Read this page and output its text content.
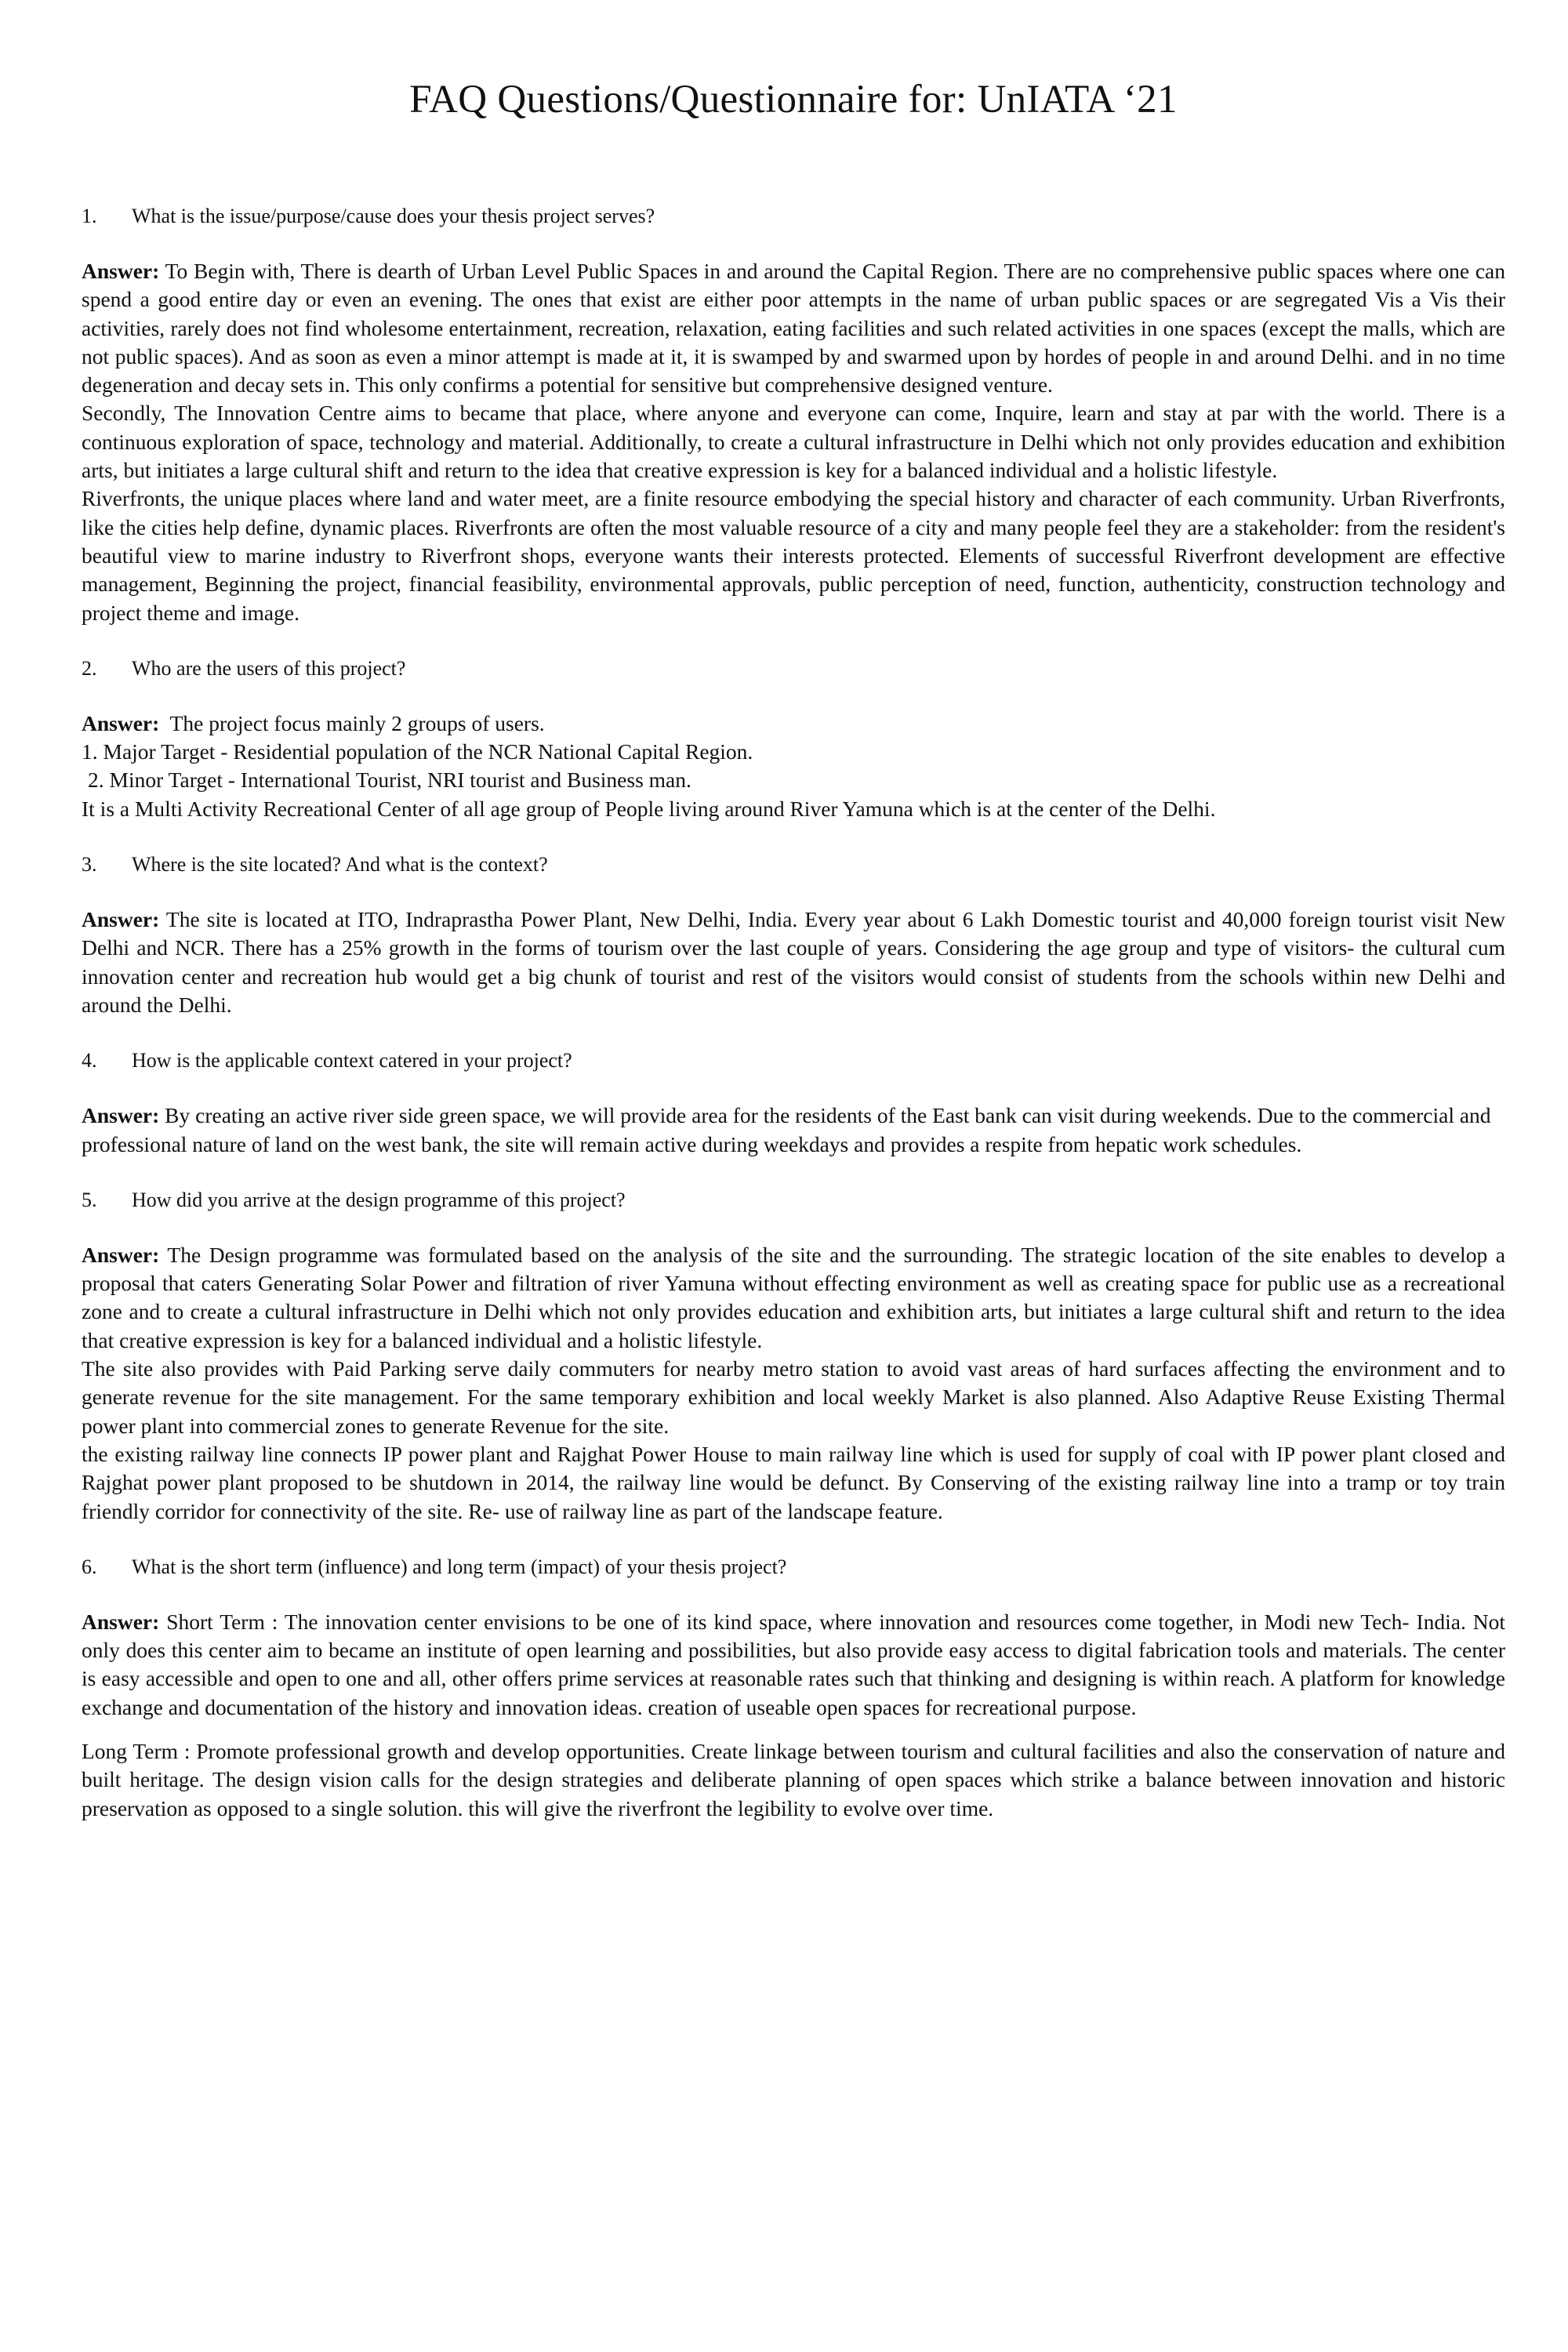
FAQ Questions/Questionnaire for: UnIATA ‘21

1.	What is the issue/purpose/cause does your thesis project serves?

Answer: To Begin with, There is dearth of Urban Level Public Spaces in and around the Capital Region. There are no comprehensive public spaces where one can spend a good entire day or even an evening. The ones that exist are either poor attempts in the name of urban public spaces or are segregated Vis a Vis their activities, rarely does not find wholesome entertainment, recreation, relaxation, eating facilities and such related activities in one spaces (except the malls, which are not public spaces). And as soon as even a minor attempt is made at it, it is swamped by and swarmed upon by hordes of people in and around Delhi. and in no time degeneration and decay sets in. This only confirms a potential for sensitive but comprehensive designed venture.

Secondly, The Innovation Centre aims to became that place, where anyone and everyone can come, Inquire, learn and stay at par with the world. There is a continuous exploration of space, technology and material. Additionally, to create a cultural infrastructure in Delhi which not only provides education and exhibition arts, but initiates a large cultural shift and return to the idea that creative expression is key for a balanced individual and a holistic lifestyle.

Riverfronts, the unique places where land and water meet, are a finite resource embodying the special history and character of each community. Urban Riverfronts, like the cities help define, dynamic places. Riverfronts are often the most valuable resource of a city and many people feel they are a stakeholder: from the resident's beautiful view to marine industry to Riverfront shops, everyone wants their interests protected. Elements of successful Riverfront development are effective management, Beginning the project, financial feasibility, environmental approvals, public perception of need, function, authenticity, construction technology and project theme and image.

2.	Who are the users of this project?

Answer: The project focus mainly 2 groups of users.

1. Major Target - Residential population of the NCR National Capital Region.

2. Minor Target - International Tourist, NRI tourist and Business man.

It is a Multi Activity Recreational Center of all age group of People living around River Yamuna which is at the center of the Delhi.

3.	Where is the site located? And what is the context?

Answer: The site is located at ITO, Indraprastha Power Plant, New Delhi, India. Every year about 6 Lakh Domestic tourist and 40,000 foreign tourist visit New Delhi and NCR. There has a 25% growth in the forms of tourism over the last couple of years. Considering the age group and type of visitors- the cultural cum innovation center and recreation hub would get a big chunk of tourist and rest of the visitors would consist of students from the schools within new Delhi and around the Delhi.

4.	How is the applicable context catered in your project?

Answer: By creating an active river side green space, we will provide area for the residents of the East bank can visit during weekends. Due to the commercial and professional nature of land on the west bank, the site will remain active during weekdays and provides a respite from hepatic work schedules.

5.	How did you arrive at the design programme of this project?

Answer: The Design programme was formulated based on the analysis of the site and the surrounding. The strategic location of the site enables to develop a proposal that caters Generating Solar Power and filtration of river Yamuna without effecting environment as well as creating space for public use as a recreational zone and to create a cultural infrastructure in Delhi which not only provides education and exhibition arts, but initiates a large cultural shift and return to the idea that creative expression is key for a balanced individual and a holistic lifestyle.

The site also provides with Paid Parking serve daily commuters for nearby metro station to avoid vast areas of hard surfaces affecting the environment and to generate revenue for the site management. For the same temporary exhibition and local weekly Market is also planned. Also Adaptive Reuse Existing Thermal power plant into commercial zones to generate Revenue for the site.

the existing railway line connects IP power plant and Rajghat Power House to main railway line which is used for supply of coal with IP power plant closed and Rajghat power plant proposed to be shutdown in 2014, the railway line would be defunct. By Conserving of the existing railway line into a tramp or toy train friendly corridor for connectivity of the site. Re- use of railway line as part of the landscape feature.

6.	What is the short term (influence) and long term (impact) of your thesis project?

Answer: Short Term : The innovation center envisions to be one of its kind space, where innovation and resources come together, in Modi new Tech- India. Not only does this center aim to became an institute of open learning and possibilities, but also provide easy access to digital fabrication tools and materials. The center is easy accessible and open to one and all, other offers prime services at reasonable rates such that thinking and designing is within reach. A platform for knowledge exchange and documentation of the history and innovation ideas. creation of useable open spaces for recreational purpose.

Long Term : Promote professional growth and develop opportunities. Create linkage between tourism and cultural facilities and also the conservation of nature and built heritage. The design vision calls for the design strategies and deliberate planning of open spaces which strike a balance between innovation and historic preservation as opposed to a single solution. this will give the riverfront the legibility to evolve over time.
